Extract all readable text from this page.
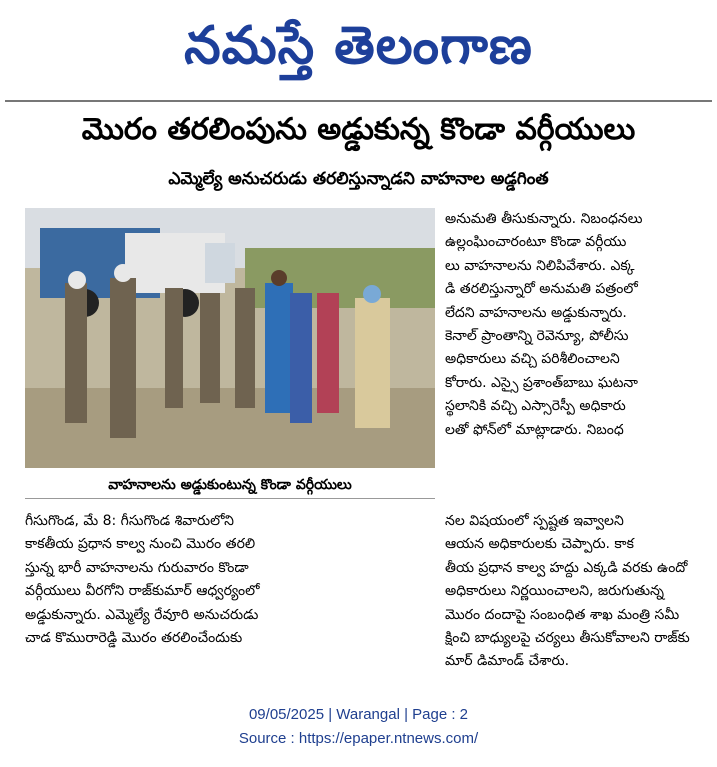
నమస్తే తెలంగాణ
మొరం తరలింపును అడ్డుకున్న కొండా వర్గీయులు
ఎమ్మెల్యే అనుచరుడు తరలిస్తున్నాడని వాహనాల అడ్డగింత
వాహనాలను అడ్డుకుంటున్న కొండా వర్గీయులు
అనుమతి తీసుకున్నారు. నిబంధనలు
ఉల్లంఘించారంటూ కొండా వర్గీయు
లు వాహనాలను నిలిపివేశారు. ఎక్క
డి తరలిస్తున్నారో అనుమతి పత్రంలో
లేదని వాహనాలను అడ్డుకున్నారు.
కెనాల్ ప్రాంతాన్ని రెవెన్యూ, పోలీసు
అధికారులు వచ్చి పరిశీలించాలని
కోరారు. ఎస్సై ప్రశాంత్‌బాబు ఘటనా
స్థలానికి వచ్చి ఎస్సారెస్పీ అధికారు
లతో ఫోన్‌లో మాట్లాడారు. నిబంధ
గీసుగొండ, మే 8: గీసుగొండ శివారులోని
కాకతీయ ప్రధాన కాల్వ నుంచి మొరం తరలి
స్తున్న భారీ వాహనాలను గురువారం కొండా
వర్గీయులు వీరగోని రాజ్‌కుమార్ ఆధ్వర్యంలో
అడ్డుకున్నారు. ఎమ్మెల్యే రేవూరి అనుచరుడు
చాడ కొమురారెడ్డి మొరం తరలించేందుకు
నల విషయంలో స్పష్టత ఇవ్వాలని
ఆయన అధికారులకు చెప్పారు. కాక
తీయ ప్రధాన కాల్వ హద్దు ఎక్కడి వరకు ఉందో
అధికారులు నిర్ణయించాలని, జరుగుతున్న
మొరం దందాపై సంబంధిత శాఖ మంత్రి సమీ
క్షించి బాధ్యులపై చర్యలు తీసుకోవాలని రాజ్‌కు
మార్ డిమాండ్ చేశారు.
09/05/2025 | Warangal | Page : 2
Source : https://epaper.ntnews.com/
